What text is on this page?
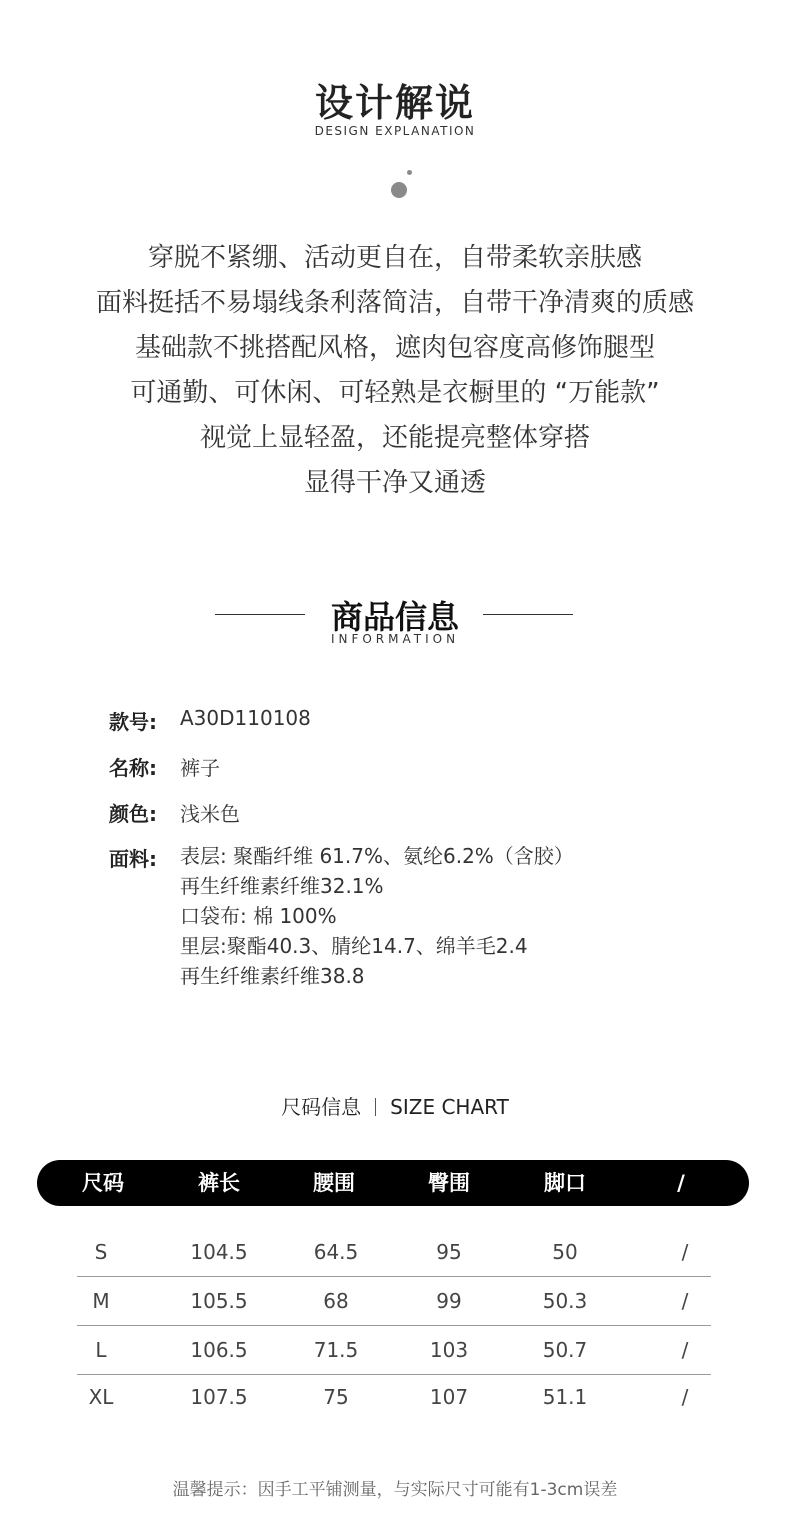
设计解说
DESIGN EXPLANATION
穿脱不紧绷、活动更自在，自带柔软亲肤感
面料挺括不易塌线条利落简洁，自带干净清爽的质感
基础款不挑搭配风格，遮肉包容度高修饰腿型
可通勤、可休闲、可轻熟是衣橱里的 “万能款”
视觉上显轻盈，还能提亮整体穿搭
显得干净又通透
商品信息
INFORMATION
款号: A30D110108
名称: 裤子
颜色: 浅米色
面料: 表层: 聚酯纤维 61.7%、氨纶6.2%（含胶）
再生纤维素纤维32.1%
口袋布: 棉 100%
里层:聚酯40.3、腈纶14.7、绵羊毛2.4
再生纤维素纤维38.8
尺码信息 SIZE CHART
尺码	裤长	腰围	臀围	脚口	/
S	104.5	64.5	95	50	/
M	105.5	68	99	50.3	/
L	106.5	71.5	103	50.7	/
XL	107.5	75	107	51.1	/
温馨提示：因手工平铺测量，与实际尺寸可能有1-3cm误差
